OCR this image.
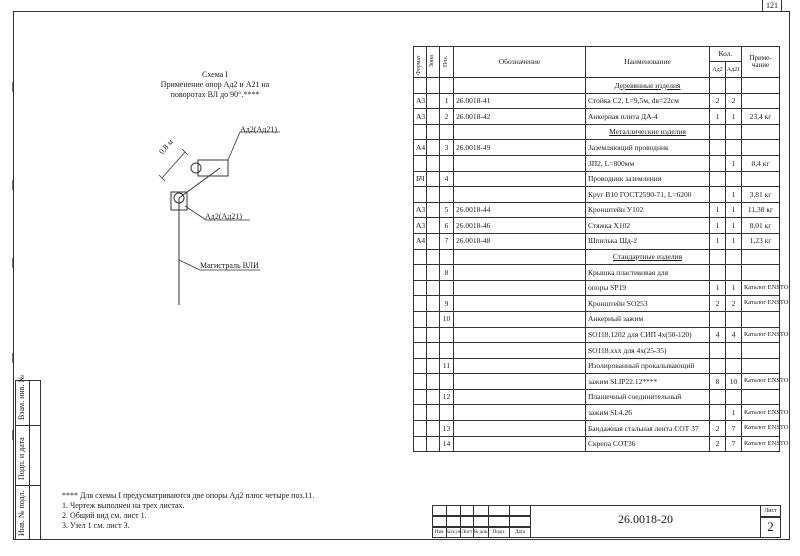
121
Взам. инв. №
Подп. и дата
Инв. № подл.
Схема I
Применение опор Ад2 и А21 на
поворотах ВЛ до 90°.****
Ад2(Ад21)
Ад2(Ад21)
Магистраль ВЛИ
0,8 м
Формат	Зона	Поз.	Обозначение	Наименование	Кол.		Приме-чание
					Ад2	Ад21	
				Деревянные изделия			
А3		1	26.0018-41	Стойка С2, L=9,5м, dв=22см	2	2	
А3		2	26.0018-42	Анкерная плита ДА-4	1	1	23,4 кг
				Металлические изделия			
А4		3	26.0018-49	Заземляющий проводник			
				ЗП2, L=800мм		1	0,4 кг
БЧ		4		Проводник заземления			
				Круг В10 ГОСТ2590-71, L=6200		1	3,81 кг
А3		5	26.0018-44	Кронштейн У102	1	1	11,38 кг
А3		6	26.0018-46	Стяжка Х102	1	1	8,01 кг
А4		7	26.0018-48	Шпилька Шд-2	1	1	1,23 кг
				Стандартные изделия			
		8		Крышка пластиковая для			
				опоры SP19	1	1	Каталог ENSTO
		9		Кронштейн SO253	2	2	Каталог ENSTO
		10		Анкерный зажим			
				SO118.1202 для СИП 4х(50-120)	4	4	Каталог ENSTO
				SO118.ххх для 4х(25-35)			
		11		Изолированный прокалывающий			
				зажим SLIP22.12****	8	10	Каталог ENSTO
		12		Плашечный соединительный			
				зажим SL4.26		1	Каталог ENSTO
		13		Бандажная стальная лента СОТ 37	2	7	Каталог ENSTO
		14		Скрепа СОТ36	2	7	Каталог ENSTO
**** Для схемы I предусматриваются две опоры Ад2 плюс четыре поз.11.
1. Чертеж выполнен на трех листах.
2. Общий вид см. лист 1.
3. Узел 1 см. лист 3.
Изм. Кол.уч. Лист № док. Подп.	Дата
Лист
2
26.0018-20
